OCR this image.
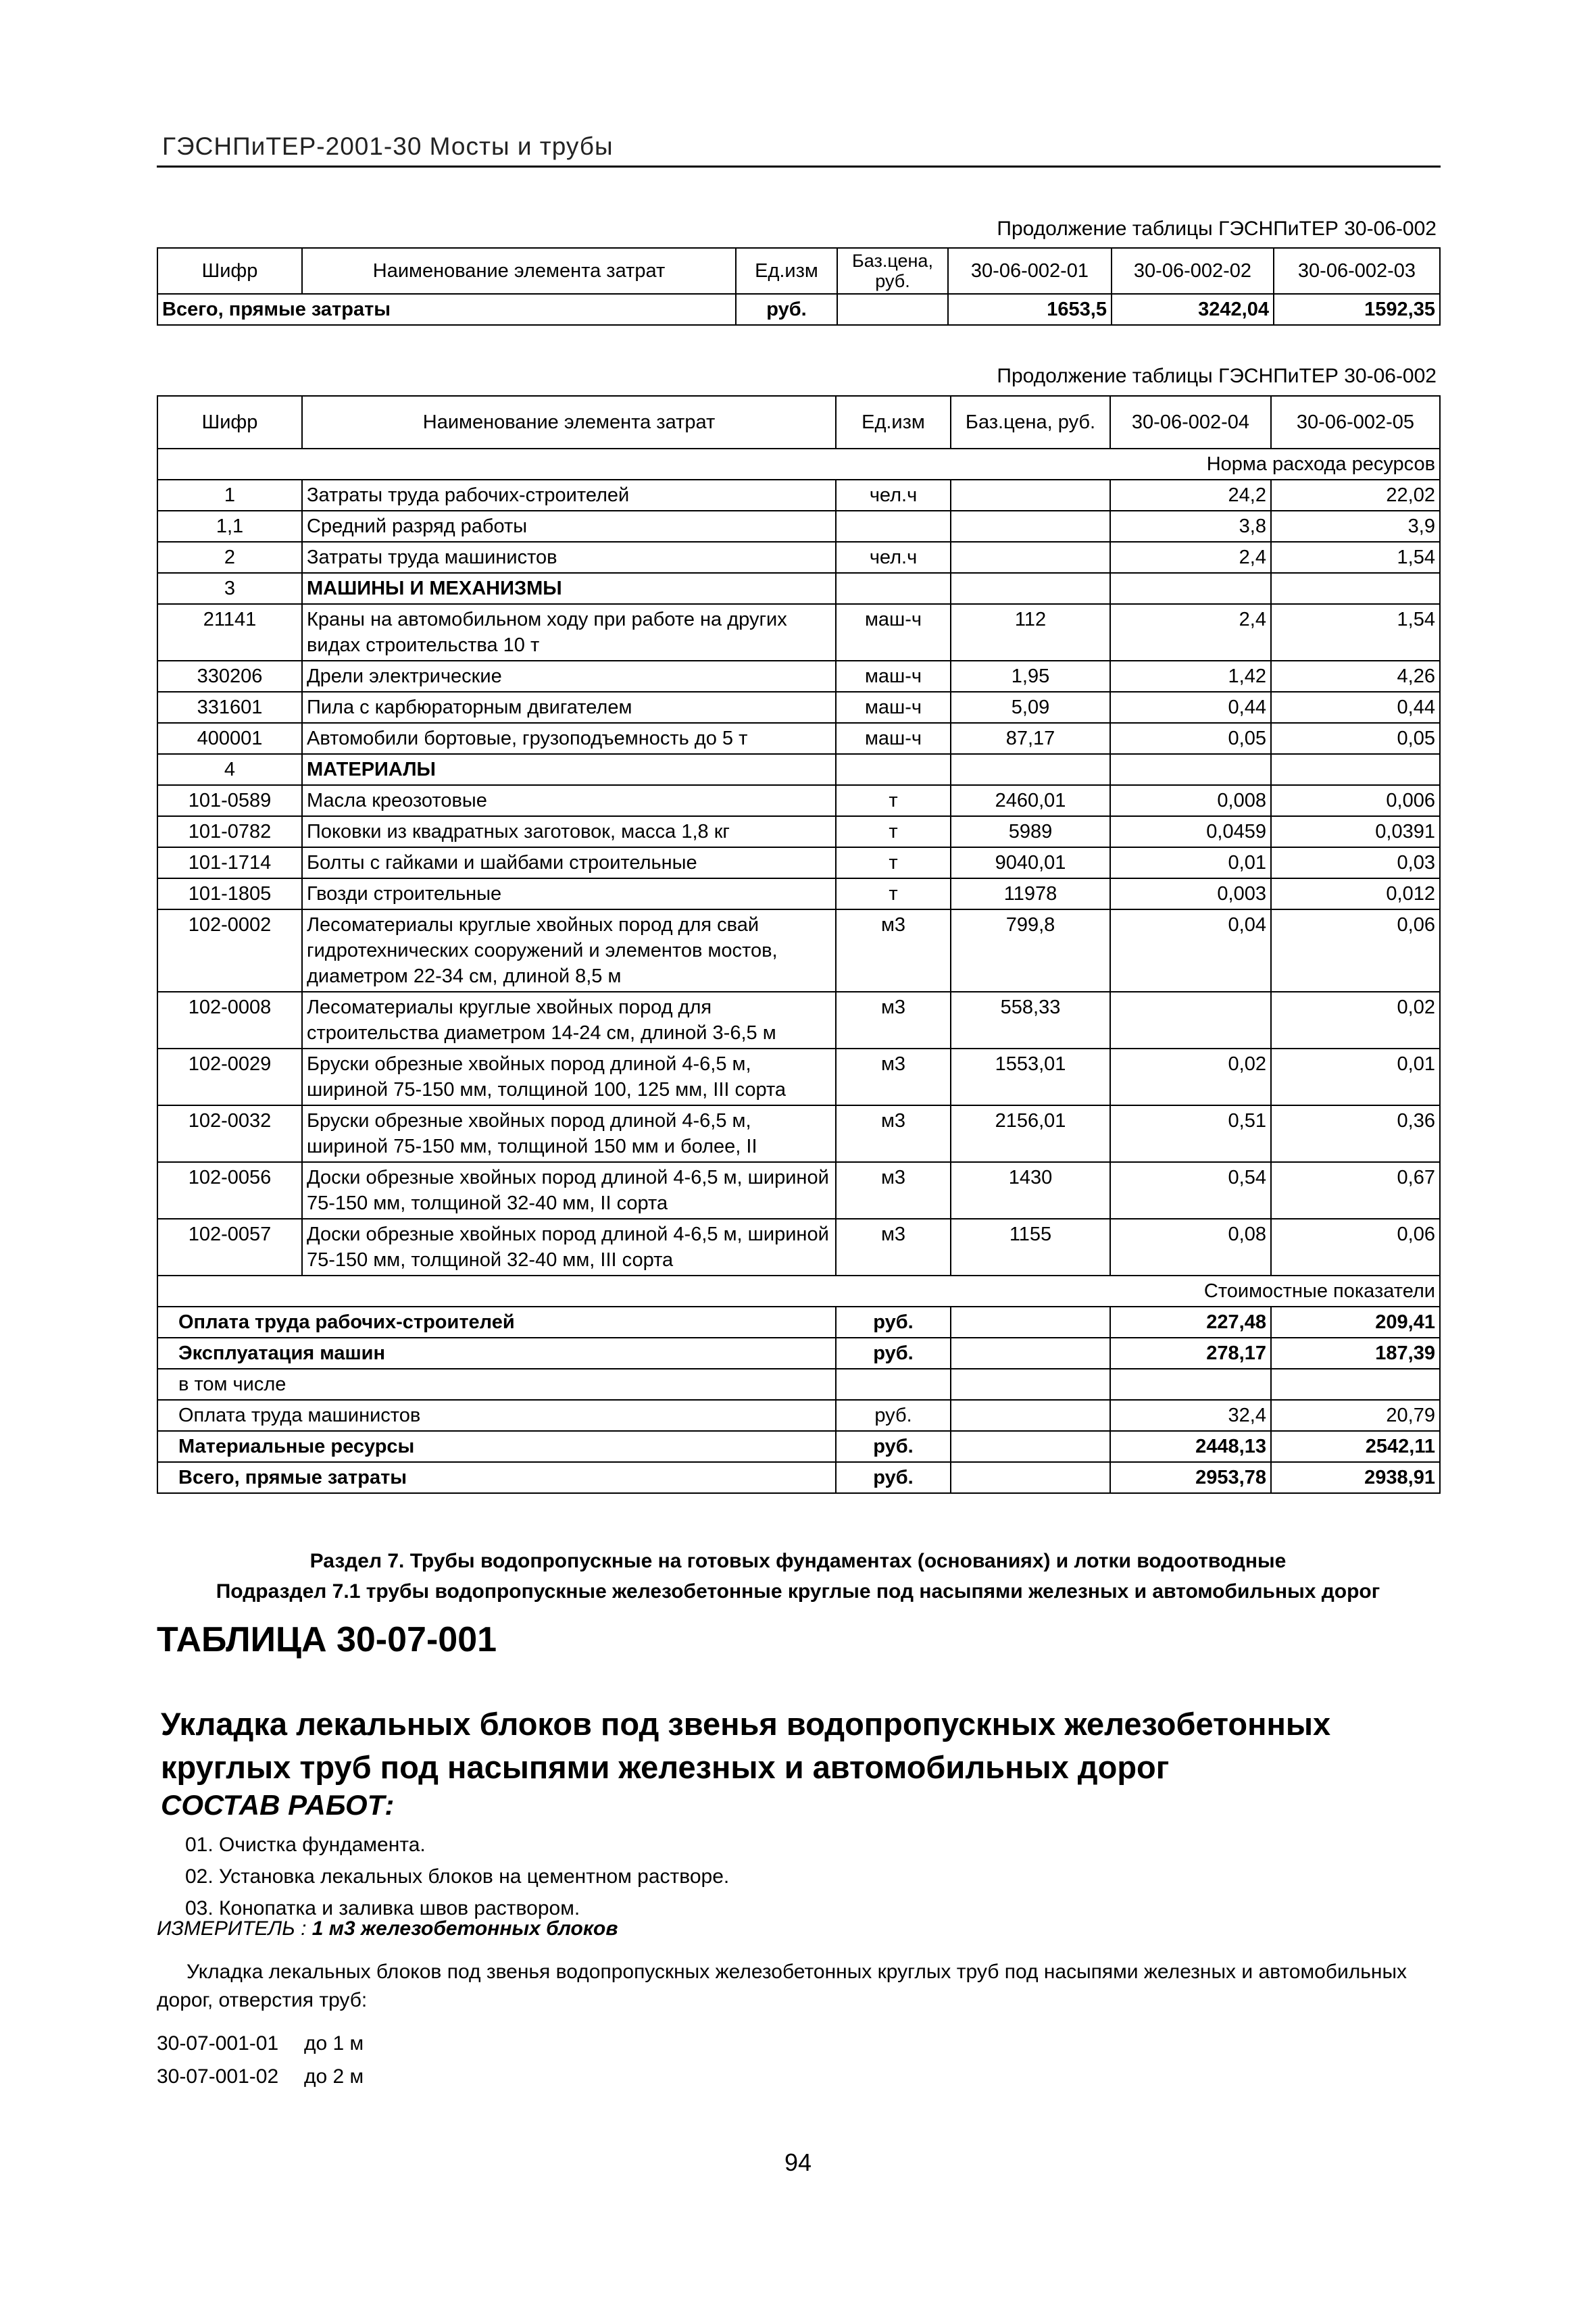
ГЭСНПиТЕР-2001-30 Мосты и трубы
Продолжение таблицы ГЭСНПиТЕР 30-06-002
Шифр	Наименование элемента затрат	Ед.изм	Баз.цена, руб.	30-06-002-01	30-06-002-02	30-06-002-03
Всего, прямые затраты		руб.		1653,5	3242,04	1592,35
Продолжение таблицы ГЭСНПиТЕР 30-06-002
Шифр	Наименование элемента затрат	Ед.изм	Баз.цена, руб.	30-06-002-04	30-06-002-05
Норма расхода ресурсов					
1	Затраты труда рабочих-строителей	чел.ч		24,2	22,02
1,1	Средний разряд работы			3,8	3,9
2	Затраты труда машинистов	чел.ч		2,4	1,54
3	МАШИНЫ И МЕХАНИЗМЫ				
21141	Краны на автомобильном ходу при работе на других видах строительства 10 т	маш-ч	112	2,4	1,54
330206	Дрели электрические	маш-ч	1,95	1,42	4,26
331601	Пила с карбюраторным двигателем	маш-ч	5,09	0,44	0,44
400001	Автомобили бортовые, грузоподъемность до 5 т	маш-ч	87,17	0,05	0,05
4	МАТЕРИАЛЫ				
101-0589	Масла креозотовые	т	2460,01	0,008	0,006
101-0782	Поковки из квадратных заготовок, масса 1,8 кг	т	5989	0,0459	0,0391
101-1714	Болты с гайками и шайбами строительные	т	9040,01	0,01	0,03
101-1805	Гвозди строительные	т	11978	0,003	0,012
102-0002	Лесоматериалы круглые хвойных пород для свай гидротехнических сооружений и элементов мостов, диаметром 22-34 см, длиной 8,5 м	м3	799,8	0,04	0,06
102-0008	Лесоматериалы круглые хвойных пород для строительства диаметром 14-24 см, длиной 3-6,5 м	м3	558,33		0,02
102-0029	Бруски обрезные хвойных пород длиной 4-6,5 м, шириной 75-150 мм, толщиной 100, 125 мм, III сорта	м3	1553,01	0,02	0,01
102-0032	Бруски обрезные хвойных пород длиной 4-6,5 м, шириной 75-150 мм, толщиной 150 мм и более, II	м3	2156,01	0,51	0,36
102-0056	Доски обрезные хвойных пород длиной 4-6,5 м, шириной 75-150 мм, толщиной 32-40 мм, II сорта	м3	1430	0,54	0,67
102-0057	Доски обрезные хвойных пород длиной 4-6,5 м, шириной 75-150 мм, толщиной 32-40 мм, III сорта	м3	1155	0,08	0,06
Стоимостные показатели					
Оплата труда рабочих-строителей		руб.		227,48	209,41
Эксплуатация машин		руб.		278,17	187,39
в том числе					
Оплата труда машинистов		руб.		32,4	20,79
Материальные ресурсы		руб.		2448,13	2542,11
Всего, прямые затраты		руб.		2953,78	2938,91
Раздел 7. Трубы водопропускные на готовых фундаментах (основаниях) и лотки водоотводные
Подраздел 7.1 трубы водопропускные железобетонные круглые под насыпями железных и автомобильных дорог
ТАБЛИЦА 30-07-001
Укладка лекальных блоков под звенья водопропускных железобетонных круглых труб под насыпями железных и автомобильных дорог
СОСТАВ РАБОТ:
01. Очистка фундамента.
02. Установка лекальных блоков на цементном растворе.
03. Конопатка и заливка швов раствором.
ИЗМЕРИТЕЛЬ : 1 м3 железобетонных блоков
Укладка лекальных блоков под звенья водопропускных железобетонных круглых труб под насыпями железных и автомобильных дорог, отверстия труб:
30-07-001-01 до 1 м
30-07-001-02 до 2 м
94
